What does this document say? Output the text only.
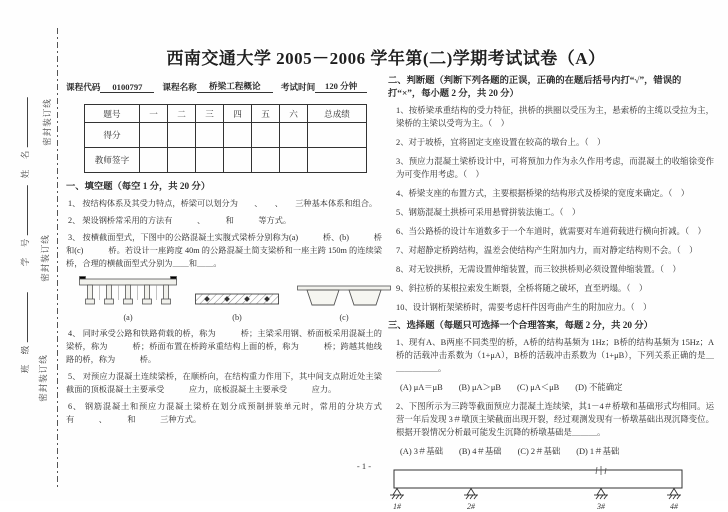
姓　名
学　号
班　级
密封装订线
密封装订线
密封装订线
西南交通大学 2005－2006 学年第(二)学期考试试卷（A）
课程代码	0100797	课程名称	桥梁工程概论	考试时间	120 分钟
题号	一	二	三	四	五	六	总成绩
得分							
教师签字							
一、填空题（每空 1 分，共 20 分）

1、 按结构体系及其受力特点，桥梁可以划分为　　、　　、　　三种基本体系和组合。

2、 架设钢桥常采用的方法有　　　、　　　和　　　等方式。

3、 按横截面型式，下图中的公路混凝土实腹式梁桥分别称为(a)　　　桥、(b)　　　桥和(c)　　　桥。若设计一座跨度 40m 的公路混凝土简支梁桥和一座主跨 150m 的连续梁桥，合理的横截面型式分别为＿＿和＿＿。

(a)	(b)	(c)

4、 同时承受公路和铁路荷载的桥，称为　　　桥；主梁采用钢、桥面板采用混凝土的梁桥，称为　　　桥；桥面布置在桥跨承重结构上面的桥，称为　　　桥；跨越其他线路的桥，称为　　　桥。

5、 对预应力混凝土连续梁桥，在顺桥向，在结构重力作用下，其中间支点附近处主梁截面的顶板混凝土主要承受　　　应力，底板混凝土主要承受　　　应力。

6、 钢筋混凝土和预应力混凝土梁桥在划分成预制拼装单元时，常用的分块方式有　　　、　　　和　　　三种方式。

二、判断题（判断下列各题的正误，正确的在题后括号内打“√”，错误的打“×”，每小题 2 分，共 20 分）

1、按桥梁承重结构的受力特征，拱桥的拱圈以受压为主，悬索桥的主缆以受拉为主，梁桥的主梁以受弯为主。（　）

2、对于坡桥，宜将固定支座设置在较高的墩台上。（　）

3、预应力混凝土梁桥设计中，可将预加力作为永久作用考虑，而混凝土的收缩徐变作为可变作用考虑。（　）

4、桥梁支座的布置方式，主要根据桥梁的结构形式及桥梁的宽度来确定。（　）

5、钢筋混凝土拱桥可采用悬臂拼装法施工。（　）

6、当公路桥的设计车道数多于一个车道时，就需要对车道荷载进行横向折减。（　）

7、对超静定桥跨结构，温差会使结构产生附加内力，而对静定结构则不会。（　）

8、对无铰拱桥，无需设置伸缩装置，而三铰拱桥则必须设置伸缩装置。（　）

9、斜拉桥的某根拉索发生断裂，全桥将随之破坏，直至坍塌。（　）

10、设计钢桁架梁桥时，需要考虑杆件因弯曲产生的附加应力。（　）

三、选择题（每题只可选择一个合理答案，每题 2 分，共 20 分）

1、现有A、B两座不同类型的桥，A桥的结构基频为 1Hz；B桥的结构基频为 15Hz；A桥的活载冲击系数为（1+μA），B桥的活载冲击系数为（1+μB），下列关系正确的是＿＿＿＿＿＿。

(A) μA＝μB (B) μA＞μB (C) μA＜μB (D) 不能确定

2、下图所示为三跨等截面预应力混凝土连续梁，其1－4＃桥墩和基础形式均相同。运营一年后发现 3＃墩顶主梁截面出现开裂，经过观测发现有一桥墩基础出现沉降变位。根据开裂情况分析最可能发生沉降的桥墩基础是＿＿＿。

(A) 3＃基础 (B) 4＃基础 (C) 2＃基础 (D) 1＃基础
1#	2#	3#	4#
- 1 -
